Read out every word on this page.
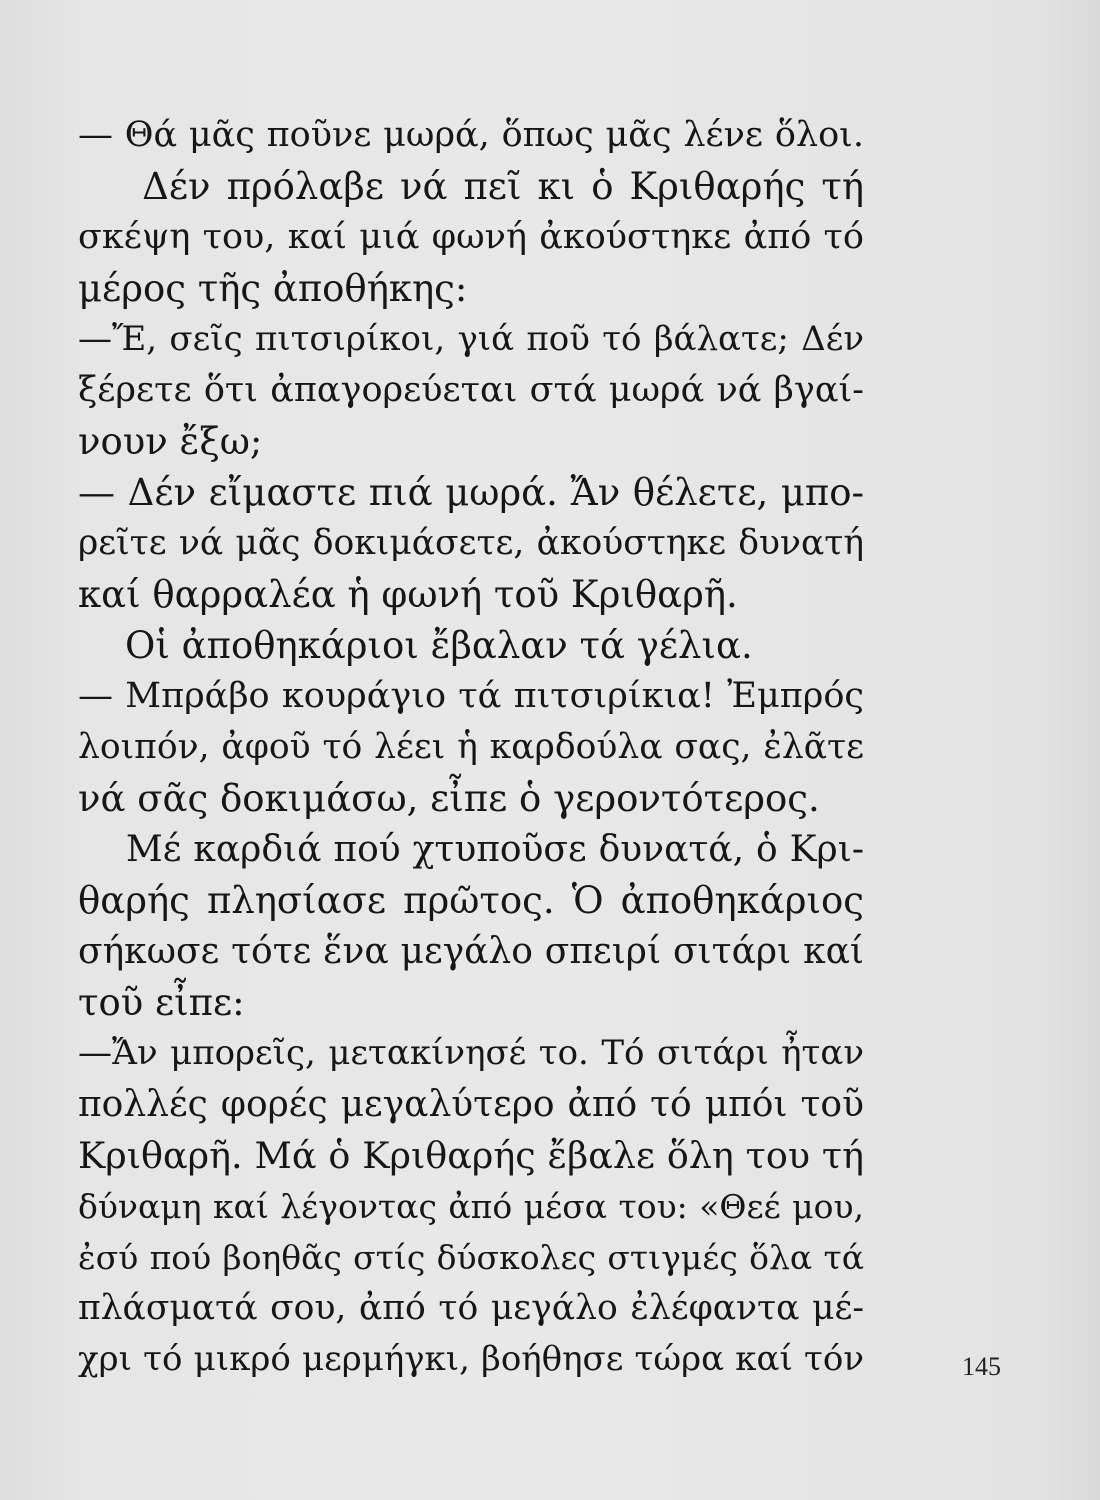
— Θά μᾶς ποῦνε μωρά, ὅπως μᾶς λένε ὅλοι.
Δέν πρόλαβε νά πεῖ κι ὁ Κριθαρής τή
σκέψη του, καί μιά φωνή ἀκούστηκε ἀπό τό
μέρος τῆς ἀποθήκης:
—Ἔ, σεῖς πιτσιρίκοι, γιά ποῦ τό βάλατε; Δέν
ξέρετε ὅτι ἀπαγορεύεται στά μωρά νά βγαί-
νουν ἔξω;
— Δέν εἴμαστε πιά μωρά. Ἄν θέλετε, μπο-
ρεῖτε νά μᾶς δοκιμάσετε, ἀκούστηκε δυνατή
καί θαρραλέα ἡ φωνή τοῦ Κριθαρῆ.
Οἱ ἀποθηκάριοι ἔβαλαν τά γέλια.
— Μπράβο κουράγιο τά πιτσιρίκια! Ἐμπρός
λοιπόν, ἀφοῦ τό λέει ἡ καρδούλα σας, ἐλᾶτε
νά σᾶς δοκιμάσω, εἶπε ὁ γεροντότερος.
Μέ καρδιά πού χτυποῦσε δυνατά, ὁ Κρι-
θαρής πλησίασε πρῶτος. Ὁ ἀποθηκάριος
σήκωσε τότε ἕνα μεγάλο σπειρί σιτάρι καί
τοῦ εἶπε:
—Ἄν μπορεῖς, μετακίνησέ το. Τό σιτάρι ἦταν
πολλές φορές μεγαλύτερο ἀπό τό μπόι τοῦ
Κριθαρῆ. Μά ὁ Κριθαρής ἔβαλε ὅλη του τή
δύναμη καί λέγοντας ἀπό μέσα του: «Θεέ μου,
ἐσύ πού βοηθᾶς στίς δύσκολες στιγμές ὅλα τά
πλάσματά σου, ἀπό τό μεγάλο ἐλέφαντα μέ-
χρι τό μικρό μερμήγκι, βοήθησε τώρα καί τόν	145
